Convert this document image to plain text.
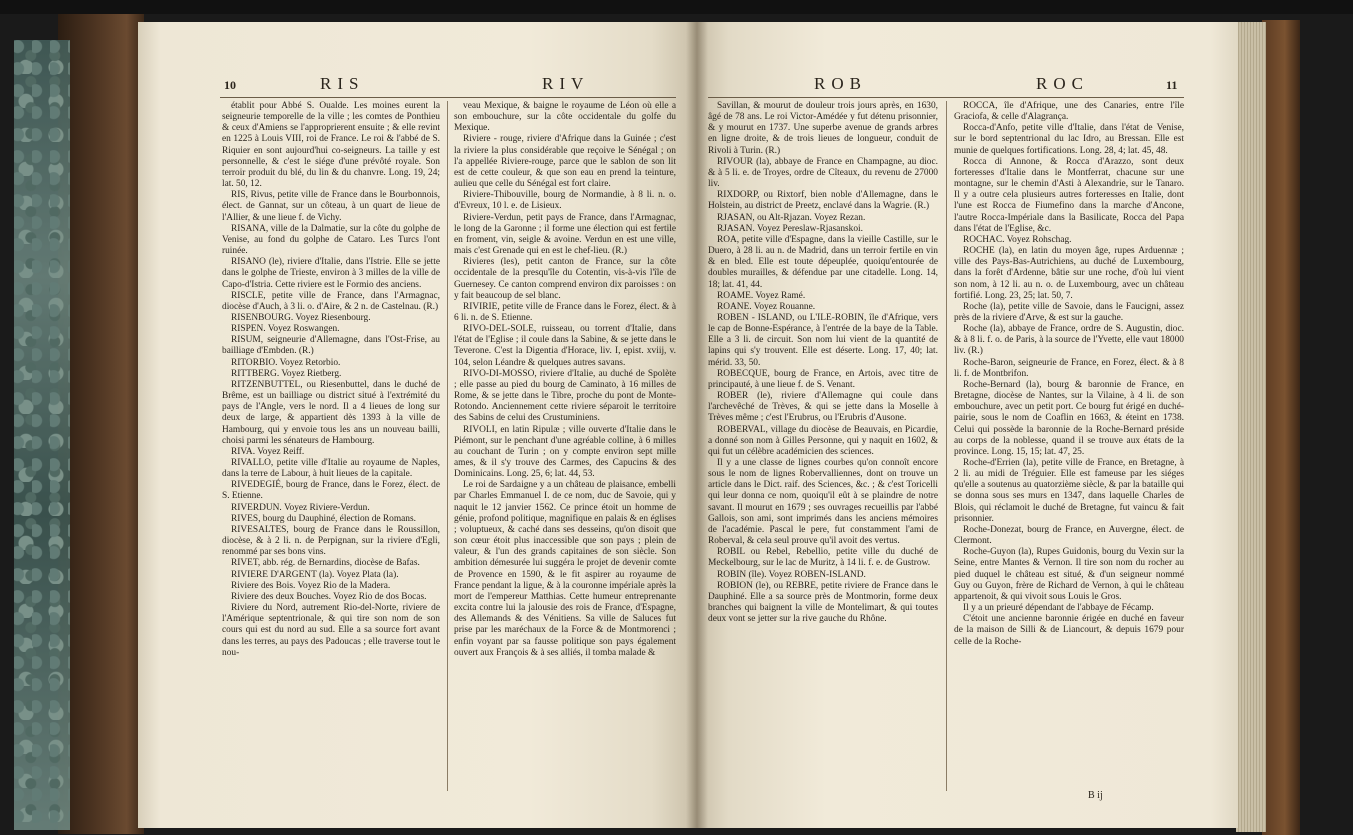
10	RIS	RIV

établit pour Abbé S. Oualde. Les moines eurent la seigneurie temporelle de la ville ; les comtes de Ponthieu & ceux d'Amiens se l'approprierent ensuite ; & elle revint en 1225 à Louis VIII, roi de France. Le roi & l'abbé de S. Riquier en sont aujourd'hui co-seigneurs. La taille y est personnelle, & c'est le siége d'une prévôté royale. Son terroir produit du blé, du lin & du chanvre. Long. 19, 24; lat. 50, 12.

RIS, Rivus, petite ville de France dans le Bourbonnois, élect. de Gannat, sur un côteau, à un quart de lieue de l'Allier, & une lieue f. de Vichy.

RISANA, ville de la Dalmatie, sur la côte du golphe de Venise, au fond du golphe de Cataro. Les Turcs l'ont ruinée.

RISANO (le), riviere d'Italie, dans l'Istrie. Elle se jette dans le golphe de Trieste, environ à 3 milles de la ville de Capo-d'Istria. Cette riviere est le Formio des anciens.

RISCLE, petite ville de France, dans l'Armagnac, diocèse d'Auch, à 3 li. o. d'Aire, & 2 n. de Castelnau. (R.)

RISENBOURG. Voyez Riesenbourg.

RISPEN. Voyez Roswangen.

RISUM, seigneurie d'Allemagne, dans l'Ost-Frise, au bailliage d'Embden. (R.)

RITORBIO. Voyez Retorbio.

RITTBERG. Voyez Rietberg.

RITZENBUTTEL, ou Riesenbuttel, dans le duché de Brême, est un bailliage ou district situé à l'extrémité du pays de l'Angle, vers le nord. Il a 4 lieues de long sur deux de large, & appartient dès 1393 à la ville de Hambourg, qui y envoie tous les ans un nouveau bailli, choisi parmi les sénateurs de Hambourg.

RIVA. Voyez Reiff.

RIVALLO, petite ville d'Italie au royaume de Naples, dans la terre de Labour, à huit lieues de la capitale.

RIVEDEGIÉ, bourg de France, dans le Forez, élect. de S. Etienne.

RIVERDUN. Voyez Riviere-Verdun.

RIVES, bourg du Dauphiné, élection de Romans.

RIVESALTES, bourg de France dans le Roussillon, diocèse, & à 2 li. n. de Perpignan, sur la riviere d'Egli, renommé par ses bons vins.

RIVET, abb. rég. de Bernardins, diocèse de Bafas.

RIVIERE D'ARGENT (la). Voyez Plata (la).

Riviere des Bois. Voyez Rio de la Madera.

Riviere des deux Bouches. Voyez Rio de dos Bocas.

Riviere du Nord, autrement Rio-del-Norte, riviere de l'Amérique septentrionale, & qui tire son nom de son cours qui est du nord au sud. Elle a sa source fort avant dans les terres, au pays des Padoucas ; elle traverse tout le nou-

veau Mexique, & baigne le royaume de Léon où elle a son embouchure, sur la côte occidentale du golfe du Mexique.

Riviere - rouge, riviere d'Afrique dans la Guinée ; c'est la riviere la plus considérable que reçoive le Sénégal ; on l'a appellée Riviere-rouge, parce que le sablon de son lit est de cette couleur, & que son eau en prend la teinture, aulieu que celle du Sénégal est fort claire.

Riviere-Thibouville, bourg de Normandie, à 8 li. n. o. d'Evreux, 10 l. e. de Lisieux.

Riviere-Verdun, petit pays de France, dans l'Armagnac, le long de la Garonne ; il forme une élection qui est fertile en froment, vin, seigle & avoine. Verdun en est une ville, mais c'est Grenade qui en est le chef-lieu. (R.)

Rivieres (les), petit canton de France, sur la côte occidentale de la presqu'île du Cotentin, vis-à-vis l'île de Guernesey. Ce canton comprend environ dix paroisses : on y fait beaucoup de sel blanc.

RIVIRIE, petite ville de France dans le Forez, élect. & à 6 li. n. de S. Etienne.

RIVO-DEL-SOLE, ruisseau, ou torrent d'Italie, dans l'état de l'Eglise ; il coule dans la Sabine, & se jette dans le Teverone. C'est la Digentia d'Horace, liv. I, epist. xviij, v. 104, selon Léandre & quelques autres savans.

RIVO-DI-MOSSO, riviere d'Italie, au duché de Spolète ; elle passe au pied du bourg de Caminato, à 16 milles de Rome, & se jette dans le Tibre, proche du pont de Monte-Rotondo. Anciennement cette riviere séparoit le territoire des Sabins de celui des Crustuminiens.

RIVOLI, en latin Ripulæ ; ville ouverte d'Italie dans le Piémont, sur le penchant d'une agréable colline, à 6 milles au couchant de Turin ; on y compte environ sept mille ames, & il s'y trouve des Carmes, des Capucins & des Dominicains. Long. 25, 6; lat. 44, 53.

Le roi de Sardaigne y a un château de plaisance, embelli par Charles Emmanuel I. de ce nom, duc de Savoie, qui y naquit le 12 janvier 1562. Ce prince étoit un homme de génie, profond politique, magnifique en palais & en églises ; voluptueux, & caché dans ses desseins, qu'on disoit que son cœur étoit plus inaccessible que son pays ; plein de valeur, & l'un des grands capitaines de son siècle. Son ambition démesurée lui suggéra le projet de devenir comte de Provence en 1590, & le fit aspirer au royaume de France pendant la ligue, & à la couronne impériale après la mort de l'empereur Matthias. Cette humeur entreprenante excita contre lui la jalousie des rois de France, d'Espagne, des Allemands & des Vénitiens. Sa ville de Saluces fut prise par les maréchaux de la Force & de Montmorenci ; enfin voyant par sa fausse politique son pays également ouvert aux François & à ses alliés, il tomba malade &

ROB	ROC	11

Savillan, & mourut de douleur trois jours après, en 1630, âgé de 78 ans. Le roi Victor-Amédée y fut détenu prisonnier, & y mourut en 1737. Une superbe avenue de grands arbres en ligne droite, & de trois lieues de longueur, conduit de Rivoli à Turin. (R.)

RIVOUR (la), abbaye de France en Champagne, au dioc. & à 5 li. e. de Troyes, ordre de Cîteaux, du revenu de 27000 liv.

RIXDORP, ou Rixtorf, bien noble d'Allemagne, dans le Holstein, au district de Preetz, enclavé dans la Wagrie. (R.)

RJASAN, ou Alt-Rjazan. Voyez Rezan.

RJASAN. Voyez Pereslaw-Rjasanskoi.

ROA, petite ville d'Espagne, dans la vieille Castille, sur le Duero, à 28 li. au n. de Madrid, dans un terroir fertile en vin & en bled. Elle est toute dépeuplée, quoiqu'entourée de doubles murailles, & défendue par une citadelle. Long. 14, 18; lat. 41, 44.

ROAME. Voyez Ramé.

ROANE. Voyez Rouanne.

ROBEN - ISLAND, ou L'ILE-ROBIN, île d'Afrique, vers le cap de Bonne-Espérance, à l'entrée de la baye de la Table. Elle a 3 li. de circuit. Son nom lui vient de la quantité de lapins qui s'y trouvent. Elle est déserte. Long. 17, 40; lat. mérid. 33, 50.

ROBECQUE, bourg de France, en Artois, avec titre de principauté, à une lieue f. de S. Venant.

ROBER (le), riviere d'Allemagne qui coule dans l'archevêché de Trèves, & qui se jette dans la Moselle à Trèves même ; c'est l'Erubrus, ou l'Erubris d'Ausone.

ROBERVAL, village du diocèse de Beauvais, en Picardie, a donné son nom à Gilles Personne, qui y naquit en 1602, & qui fut un célèbre académicien des sciences.

Il y a une classe de lignes courbes qu'on connoît encore sous le nom de lignes Robervalliennes, dont on trouve un article dans le Dict. raif. des Sciences, &c. ; & c'est Toricelli qui leur donna ce nom, quoiqu'il eût à se plaindre de notre savant. Il mourut en 1679 ; ses ouvrages recueillis par l'abbé Gallois, son ami, sont imprimés dans les anciens mémoires de l'académie. Pascal le pere, fut constamment l'ami de Roberval, & cela seul prouve qu'il avoit des vertus.

ROBIL ou Rebel, Rebellio, petite ville du duché de Meckelbourg, sur le lac de Muritz, à 14 li. f. e. de Gustrow.

ROBIN (île). Voyez ROBEN-ISLAND.

ROBION (le), ou REBRE, petite riviere de France dans le Dauphiné. Elle a sa source près de Montmorin, forme deux branches qui baignent la ville de Montelimart, & qui toutes deux vont se jetter sur la rive gauche du Rhône.

ROCCA, île d'Afrique, une des Canaries, entre l'île Graciofa, & celle d'Alagrança.

Rocca-d'Anfo, petite ville d'Italie, dans l'état de Venise, sur le bord septentrional du lac Idro, au Bressan. Elle est munie de quelques fortifications. Long. 28, 4; lat. 45, 48.

Rocca di Annone, & Rocca d'Arazzo, sont deux forteresses d'Italie dans le Montferrat, chacune sur une montagne, sur le chemin d'Asti à Alexandrie, sur le Tanaro. Il y a outre cela plusieurs autres forteresses en Italie, dont l'une est Rocca de Fiumefino dans la marche d'Ancone, l'autre Rocca-Impériale dans la Basilicate, Rocca del Papa dans l'état de l'Eglise, &c.

ROCHAC. Voyez Rohschag.

ROCHE (la), en latin du moyen âge, rupes Arduennæ ; ville des Pays-Bas-Autrichiens, au duché de Luxembourg, dans la forêt d'Ardenne, bâtie sur une roche, d'où lui vient son nom, à 12 li. au n. o. de Luxembourg, avec un château fortifié. Long. 23, 25; lat. 50, 7.

Roche (la), petite ville de Savoie, dans le Faucigni, assez près de la riviere d'Arve, & est sur la gauche.

Roche (la), abbaye de France, ordre de S. Augustin, dioc. & à 8 li. f. o. de Paris, à la source de l'Yvette, elle vaut 18000 liv. (R.)

Roche-Baron, seigneurie de France, en Forez, élect. & à 8 li. f. de Montbrifon.

Roche-Bernard (la), bourg & baronnie de France, en Bretagne, diocèse de Nantes, sur la Vilaine, à 4 li. de son embouchure, avec un petit port. Ce bourg fut érigé en duché-pairie, sous le nom de Coaflin en 1663, & éteint en 1738. Celui qui possède la baronnie de la Roche-Bernard préside au corps de la noblesse, quand il se trouve aux états de la province. Long. 15, 15; lat. 47, 25.

Roche-d'Errien (la), petite ville de France, en Bretagne, à 2 li. au midi de Tréguier. Elle est fameuse par les siéges qu'elle a soutenus au quatorzième siècle, & par la bataille qui se donna sous ses murs en 1347, dans laquelle Charles de Blois, qui réclamoit le duché de Bretagne, fut vaincu & fait prisonnier.

Roche-Donezat, bourg de France, en Auvergne, élect. de Clermont.

Roche-Guyon (la), Rupes Guidonis, bourg du Vexin sur la Seine, entre Mantes & Vernon. Il tire son nom du rocher au pied duquel le château est situé, & d'un seigneur nommé Guy ou Guyon, frère de Richard de Vernon, à qui le château appartenoit, & qui vivoit sous Louis le Gros.

Il y a un prieuré dépendant de l'abbaye de Fécamp.

C'étoit une ancienne baronnie érigée en duché en faveur de la maison de Silli & de Liancourt, & depuis 1679 pour celle de la Roche-

B ij
